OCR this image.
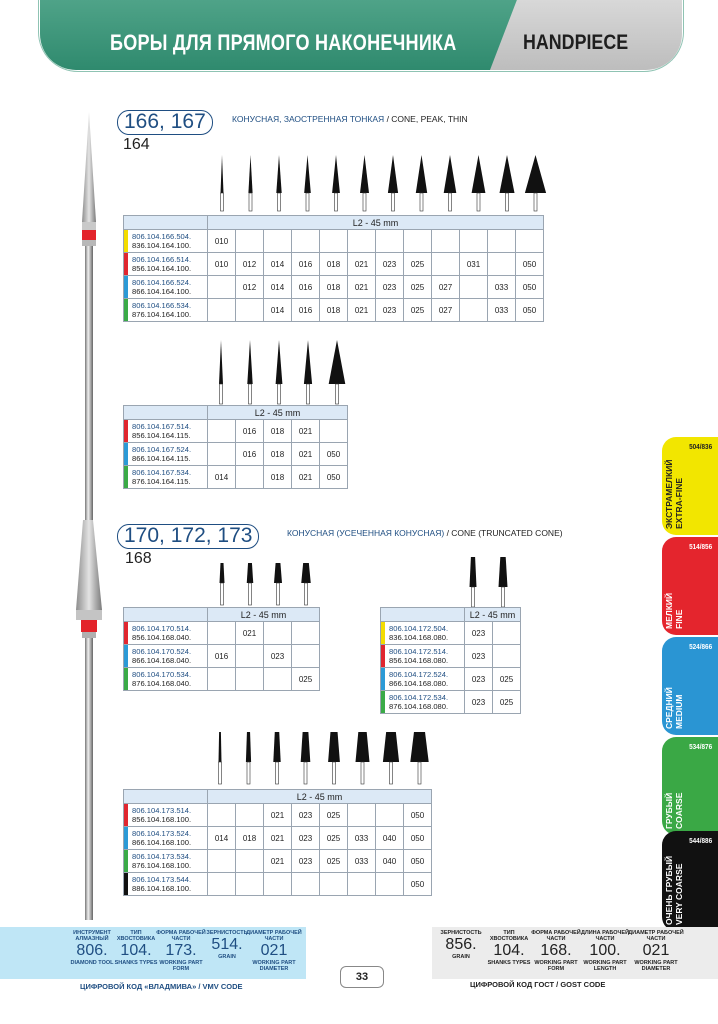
БОРЫ ДЛЯ ПРЯМОГО НАКОНЕЧНИКА	HANDPIECE
166, 167
164
КОНУСНАЯ, ЗАОСТРЕННАЯ ТОНКАЯ / CONE, PEAK, THIN
	L2 - 45 mm											
806.104.166.504.
836.104.164.100.	010											
806.104.166.514.
856.104.164.100.	010	012	014	016	018	021	023	025		031		050
806.104.166.524.
866.104.164.100.		012	014	016	018	021	023	025	027		033	050
806.104.166.534.
876.104.164.100.			014	016	018	021	023	025	027		033	050
	L2 - 45 mm				
806.104.167.514.
856.104.164.115.		016	018	021	
806.104.167.524.
866.104.164.115.		016	018	021	050
806.104.167.534.
876.104.164.115.	014		018	021	050
170, 172, 173
168
КОНУСНАЯ (УСЕЧЕННАЯ КОНУСНАЯ) / CONE (TRUNCATED CONE)
	L2 - 45 mm			
806.104.170.514.
856.104.168.040.		021		
806.104.170.524.
866.104.168.040.	016		023	
806.104.170.534.
876.104.168.040.				025
	L2 - 45 mm	
806.104.172.504.
836.104.168.080.	023	
806.104.172.514.
856.104.168.080.	023	
806.104.172.524.
866.104.168.080.	023	025
806.104.172.534.
876.104.168.080.	023	025
	L2 - 45 mm							
806.104.173.514.
856.104.168.100.			021	023	025			050
806.104.173.524.
866.104.168.100.	014	018	021	023	025	033	040	050
806.104.173.534.
876.104.168.100.			021	023	025	033	040	050
806.104.173.544.
886.104.168.100.								050
504/836
ЭКСТРАМЕЛКИЙ
EXTRA-FINE
514/856
МЕЛКИЙ
FINE
524/866
СРЕДНИЙ
MEDIUM
534/876
ГРУБЫЙ
COARSE
544/886
ОЧЕНЬ ГРУБЫЙ
VERY COARSE
ИНСТРУМЕНТ АЛМАЗНЫЙ
806.
DIAMOND TOOL
ТИП ХВОСТОВИКА
104.
SHANKS TYPES
ФОРМА РАБОЧЕЙ ЧАСТИ
173.
WORKING PART FORM
ЗЕРНИСТОСТЬ
514.
GRAIN
ДИАМЕТР РАБОЧЕЙ ЧАСТИ
021
WORKING PART DIAMETER
ЦИФРОВОЙ КОД «ВЛАДМИВА» / VMV CODE
ЗЕРНИСТОСТЬ
856.
GRAIN
ТИП ХВОСТОВИКА
104.
SHANKS TYPES
ФОРМА РАБОЧЕЙ ЧАСТИ
168.
WORKING PART FORM
ДЛИНА РАБОЧЕЙ ЧАСТИ
100.
WORKING PART LENGTH
ДИАМЕТР РАБОЧЕЙ ЧАСТИ
021
WORKING PART DIAMETER
ЦИФРОВОЙ КОД ГОСТ / GOST CODE
33
